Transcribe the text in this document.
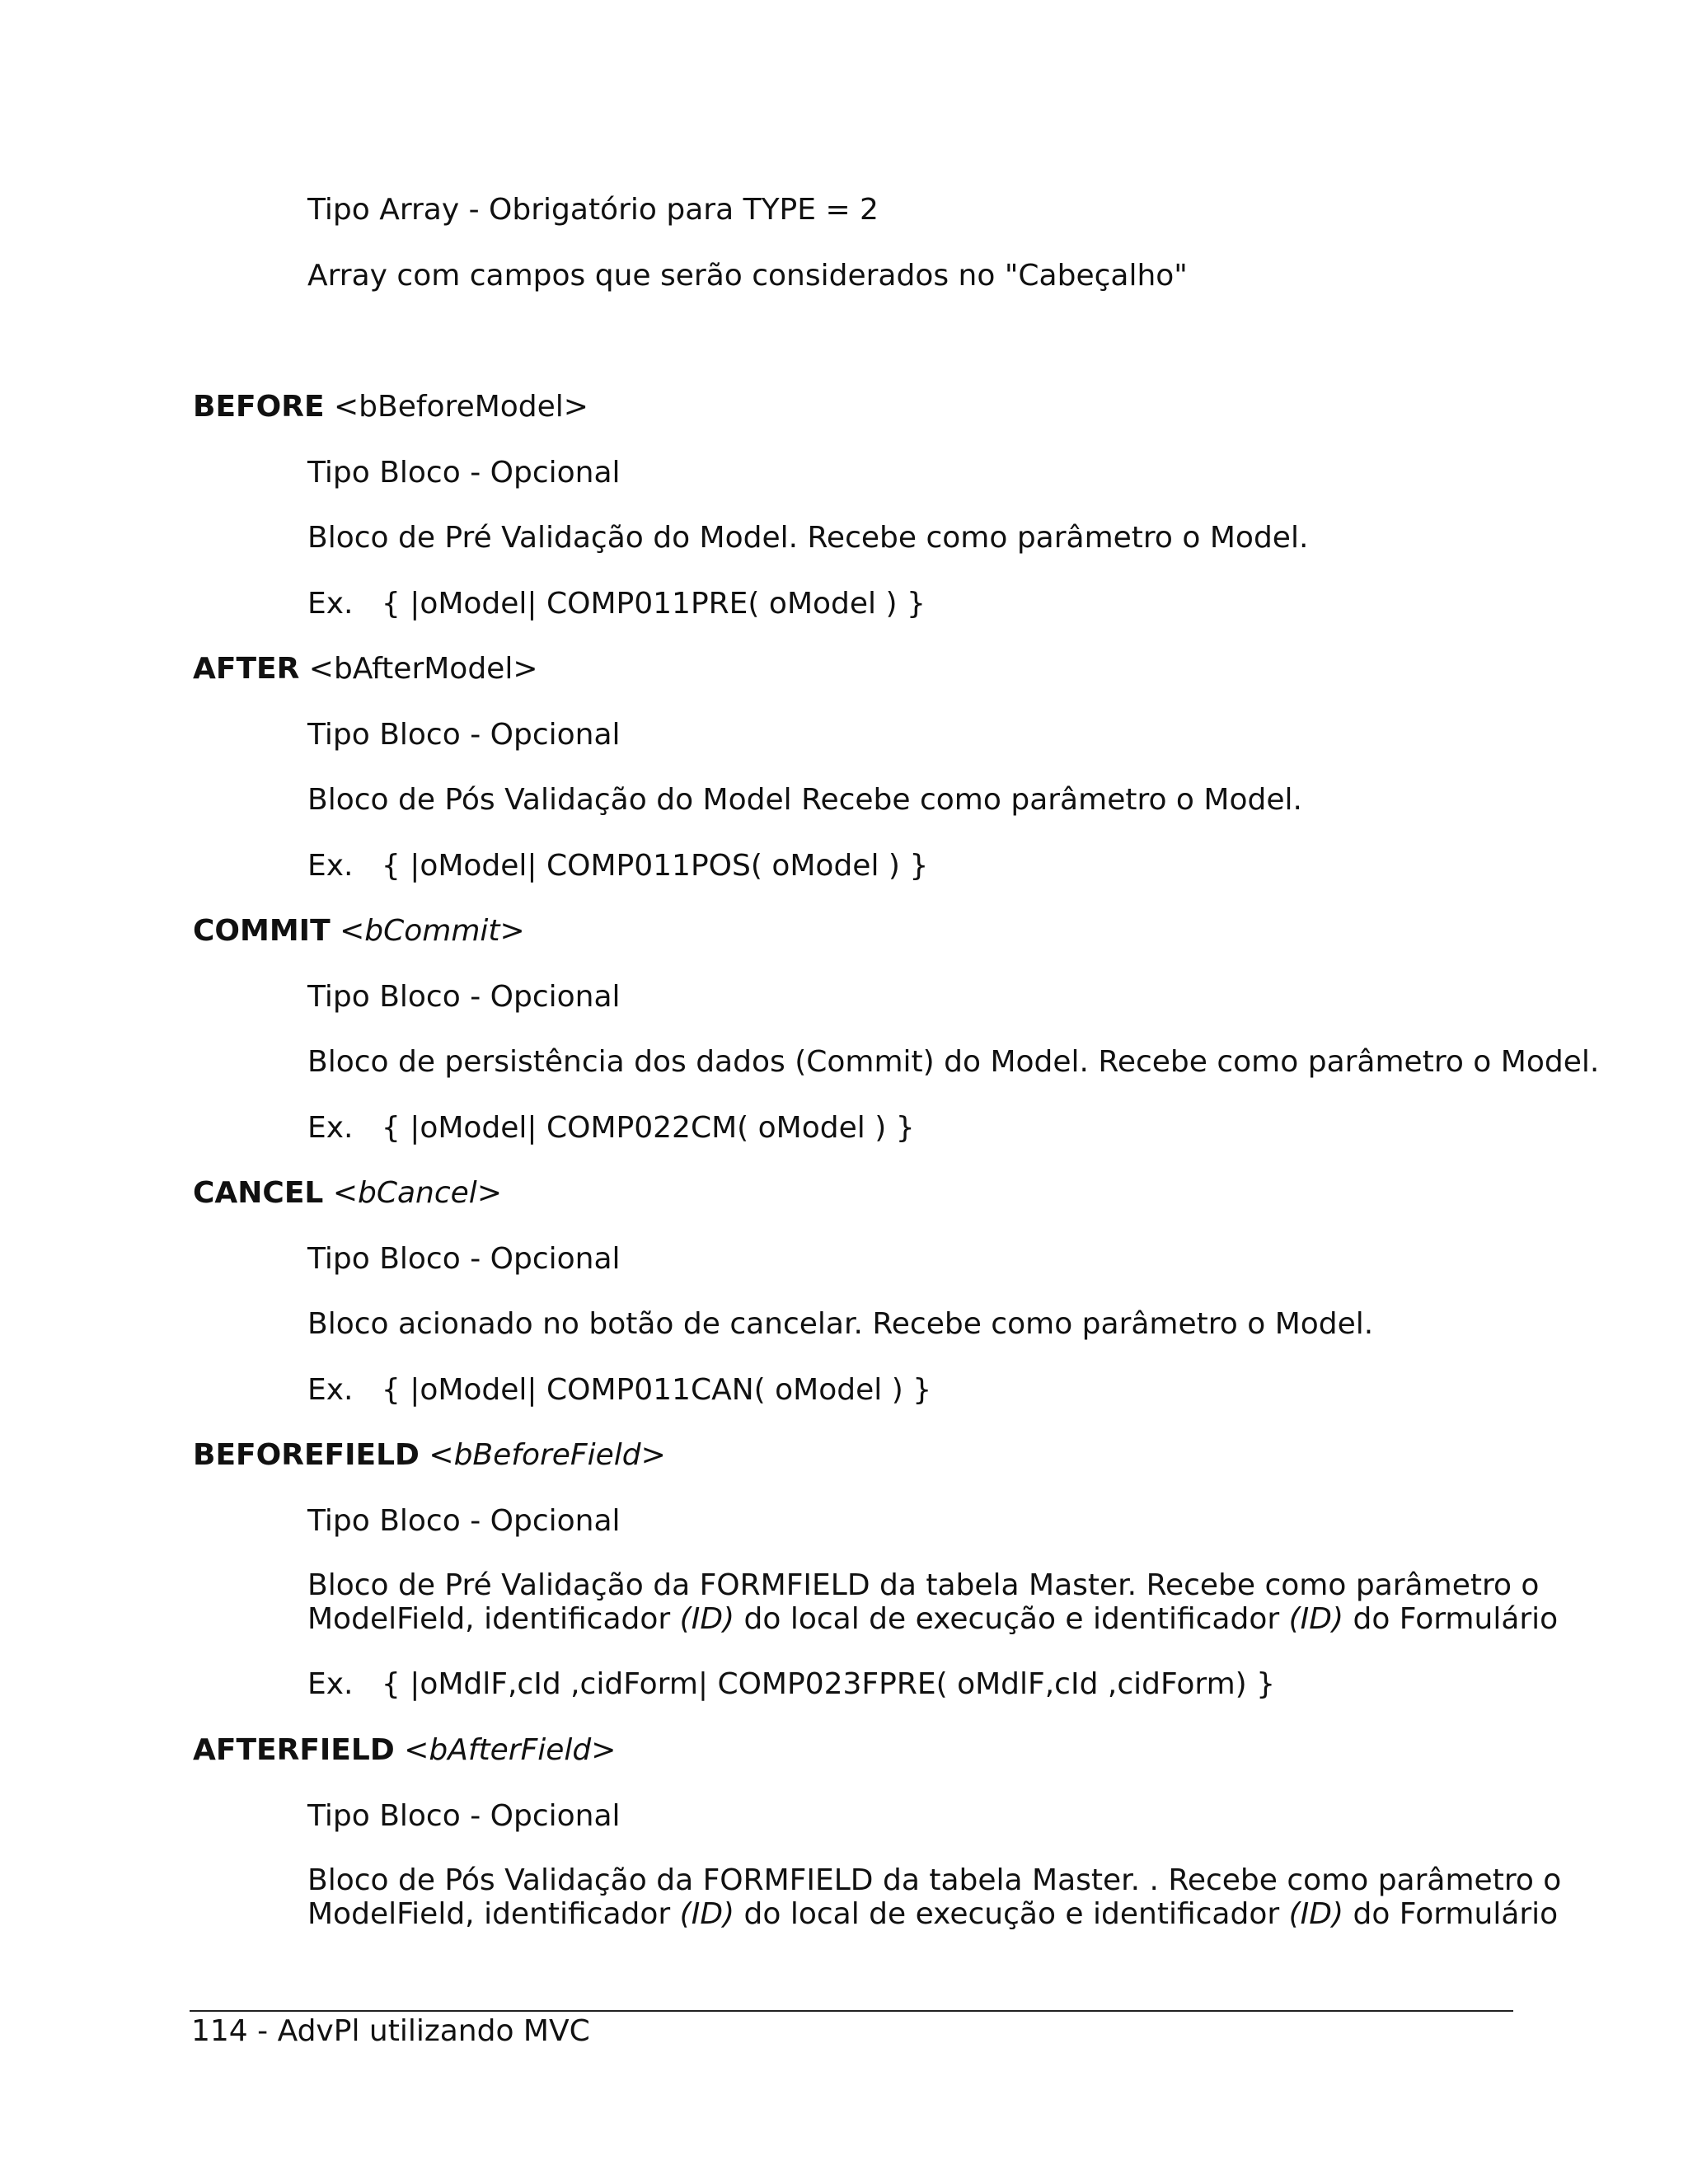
Tipo Array - Obrigatório para TYPE = 2
Array com campos que serão considerados no "Cabeçalho"
BEFORE <bBeforeModel>
Tipo Bloco - Opcional
Bloco de Pré Validação do Model. Recebe como parâmetro o Model.
Ex. { |oModel| COMP011PRE( oModel ) }
AFTER <bAfterModel>
Tipo Bloco - Opcional
Bloco de Pós Validação do Model Recebe como parâmetro o Model.
Ex. { |oModel| COMP011POS( oModel ) }
COMMIT <bCommit>
Tipo Bloco - Opcional
Bloco de persistência dos dados (Commit) do Model. Recebe como parâmetro o Model.
Ex. { |oModel| COMP022CM( oModel ) }
CANCEL <bCancel>
Tipo Bloco - Opcional
Bloco acionado no botão de cancelar. Recebe como parâmetro o Model.
Ex. { |oModel| COMP011CAN( oModel ) }
BEFOREFIELD <bBeforeField>
Tipo Bloco - Opcional
Bloco de Pré Validação da FORMFIELD da tabela Master. Recebe como parâmetro o
ModelField, identificador (ID) do local de execução e identificador (ID) do Formulário
Ex. { |oMdlF,cId ,cidForm| COMP023FPRE( oMdlF,cId ,cidForm) }
AFTERFIELD <bAfterField>
Tipo Bloco - Opcional
Bloco de Pós Validação da FORMFIELD da tabela Master. . Recebe como parâmetro o
ModelField, identificador (ID) do local de execução e identificador (ID) do Formulário
114 - AdvPl utilizando MVC
